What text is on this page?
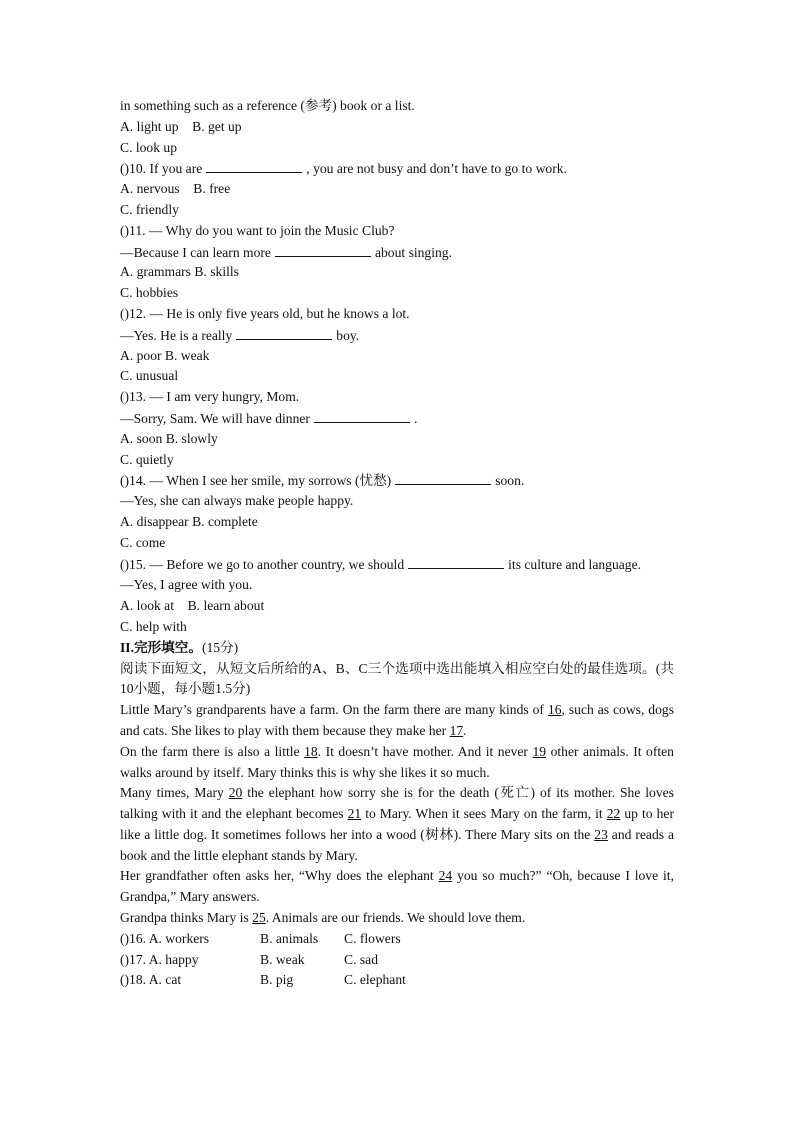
in something such as a reference (参考) book or a list.
A. light up B. get up
C. look up
()10. If you are	, you are not busy and don’t have to go to work.
A. nervous B. free
C. friendly
()11. — Why do you want to join the Music Club?
—Because I can learn more	about singing.
A. grammars B. skills
C. hobbies
()12. — He is only five years old, but he knows a lot.
—Yes. He is a really	boy.
A. poor B. weak
C. unusual
()13. — I am very hungry, Mom.
—Sorry, Sam. We will have dinner	.
A. soon B. slowly
C. quietly
()14. — When I see her smile, my sorrows (忧愁)	soon.
—Yes, she can always make people happy.
A. disappear B. complete
C. come
()15. — Before we go to another country, we should	its culture and language.
—Yes, I agree with you.
A. look at B. learn about
C. help with
II.完形填空。(15分)
阅读下面短文，从短文后所给的A、B、C三个选项中选出能填入相应空白处的最佳选项。(共10小题，每小题1.5分)
Little Mary’s grandparents have a farm. On the farm there are many kinds of 16, such as cows, dogs and cats. She likes to play with them because they make her 17.
On the farm there is also a little 18. It doesn’t have mother. And it never 19 other animals. It often walks around by itself. Mary thinks this is why she likes it so much.
Many times, Mary 20 the elephant how sorry she is for the death (死亡) of its mother. She loves talking with it and the elephant becomes 21 to Mary. When it sees Mary on the farm, it 22 up to her like a little dog. It sometimes follows her into a wood (树林). There Mary sits on the 23 and reads a book and the little elephant stands by Mary.
Her grandfather often asks her, “Why does the elephant 24 you so much?” “Oh, because I love it, Grandpa,” Mary answers.
Grandpa thinks Mary is 25. Animals are our friends. We should love them.
()16. A. workers	B. animals C. flowers
()17. A. happy	B. weak	C. sad
()18. A. cat	B. pig	C. elephant
